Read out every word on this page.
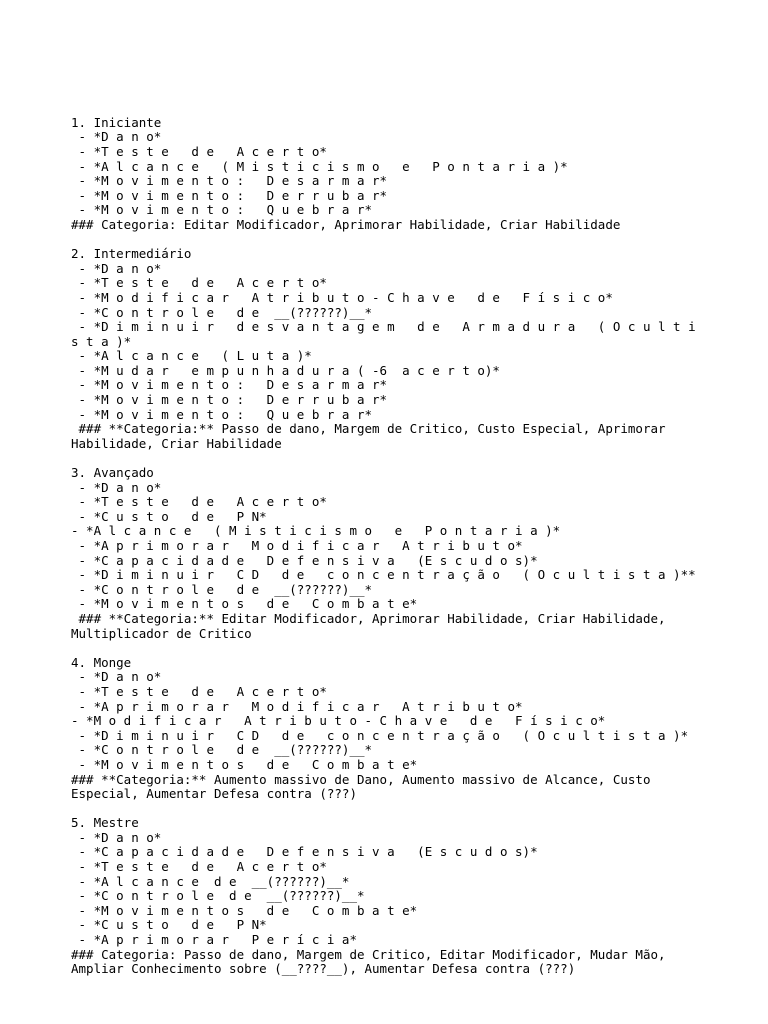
1. Iniciante
- *D a n o*
- *T e s t e   d e   A c e r t o*
- *A l c a n c e   ( M i s t i c i s m o   e   P o n t a r i a )*
- *M o v i m e n t o :   D e s a r m a r*
- *M o v i m e n t o :   D e r r u b a r*
- *M o v i m e n t o :   Q u e b r a r*
### Categoria: Editar Modificador, Aprimorar Habilidade, Criar Habilidade
2. Intermediário
- *D a n o*
- *T e s t e   d e   A c e r t o*
- *M o d i f i c a r   A t r i b u t o - C h a v e   d e   F í s i c o*
- *C o n t r o l e   d e  __(??????)__*
- *D i m i n u i r   d e s v a n t a g e m   d e   A r m a d u r a   ( O c u l t i
s t a )*
- *A l c a n c e   ( L u t a )*
- *M u d a r   e m p u n h a d u r a ( -6  a c e r t o)*
- *M o v i m e n t o :   D e s a r m a r*
- *M o v i m e n t o :   D e r r u b a r*
- *M o v i m e n t o :   Q u e b r a r*
### **Categoria:** Passo de dano, Margem de Critico, Custo Especial, Aprimorar
Habilidade, Criar Habilidade
3. Avançado
- *D a n o*
- *T e s t e   d e   A c e r t o*
- *C u s t o   d e   P N*
- *A l c a n c e   ( M i s t i c i s m o   e   P o n t a r i a )*
- *A p r i m o r a r   M o d i f i c a r   A t r i b u t o*
- *C a p a c i d a d e   D e f e n s i v a   (E s c u d o s)*
- *D i m i n u i r   C D   d e   c o n c e n t r a ç ã o   ( O c u l t i s t a )**
- *C o n t r o l e   d e  __(??????)__*
- *M o v i m e n t o s   d e   C o m b a t e*
### **Categoria:** Editar Modificador, Aprimorar Habilidade, Criar Habilidade,
Multiplicador de Critico
4. Monge
- *D a n o*
- *T e s t e   d e   A c e r t o*
- *A p r i m o r a r   M o d i f i c a r   A t r i b u t o*
- *M o d i f i c a r   A t r i b u t o - C h a v e   d e   F í s i c o*
- *D i m i n u i r   C D   d e   c o n c e n t r a ç ã o   ( O c u l t i s t a )*
- *C o n t r o l e   d e  __(??????)__*
- *M o v i m e n t o s   d e   C o m b a t e*
### **Categoria:** Aumento massivo de Dano, Aumento massivo de Alcance, Custo
Especial, Aumentar Defesa contra (???)
5. Mestre
- *D a n o*
- *C a p a c i d a d e   D e f e n s i v a   (E s c u d o s)*
- *T e s t e   d e   A c e r t o*
- *A l c a n c e  d e  __(??????)__*
- *C o n t r o l e  d e  __(??????)__*
- *M o v i m e n t o s   d e   C o m b a t e*
- *C u s t o   d e   P N*
- *A p r i m o r a r   P e r í c i a*
### Categoria: Passo de dano, Margem de Critico, Editar Modificador, Mudar Mão,
Ampliar Conhecimento sobre (__????__), Aumentar Defesa contra (???)
